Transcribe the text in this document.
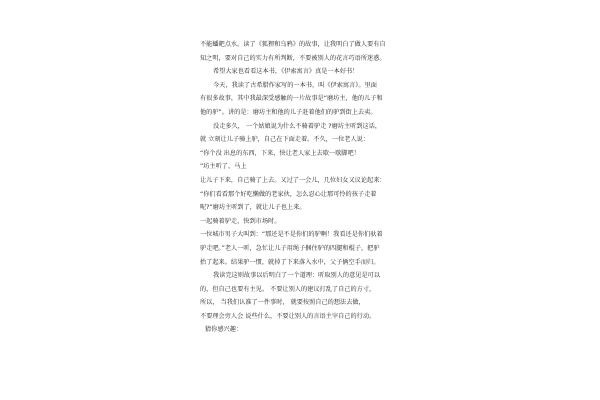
不能蟠耙点水。读了《狐狸和乌鸦》的故事，让我明白了做人要有自
知之明，要对自己的实力有所判断，不要被别人的花言巧语所迷惑。
希望大家也看看这本书，《伊索寓言》真是一本好书！
今天，我读了古希腊作家写的一本书，叫《伊索寓言》。里面
有很多故事，其中我最深受感触的一片故事是“磨坊主，他的儿子和
他的驴”。讲的是：磨坊主和他的儿子赶着他们的驴到街上去卖。
没走多久， 一个姑娘说为什么不骑着驴走 ?磨坊主听到这话，
就 立刻让儿子骑上驴，自己在下面走着。不久，一位老人说：
“你个没 出息的东西，下来，快让老人家上去歇一歇脚吧！
”坊主听了，马上
让儿子下来，自己骑了上去。又过了一会儿，几位妇女又议论起来：
“你们看看那个好吃懒做的老家伙，怎么忍心让那可怜的孩子走着
呢?”磨坊主听到了，就让儿子也上来。
一起骑着驴走，快到市场时。
一位城市男子大叫到：“那还是不是你们的驴啊！我看还是你们驮着
驴走吧。”老人一听，急忙让儿子用绳子捆住驴的四腿和棍子，把驴
抬了起来。结果驴一惯，就掉了下来落入水中，父子俩空手而归。
我读完这则故事以后明白了一个道理：听取别人的意见是可以
的，但自己也要有主见。 不要让别人的建议打乱了自己的方寸，
所以， 当我们认准了一件事时， 就要按照自己的想法去做，
不要理会旁人会 说些什么，不要让别人的言语主宰自己的行动。
猜你感兴趣：
